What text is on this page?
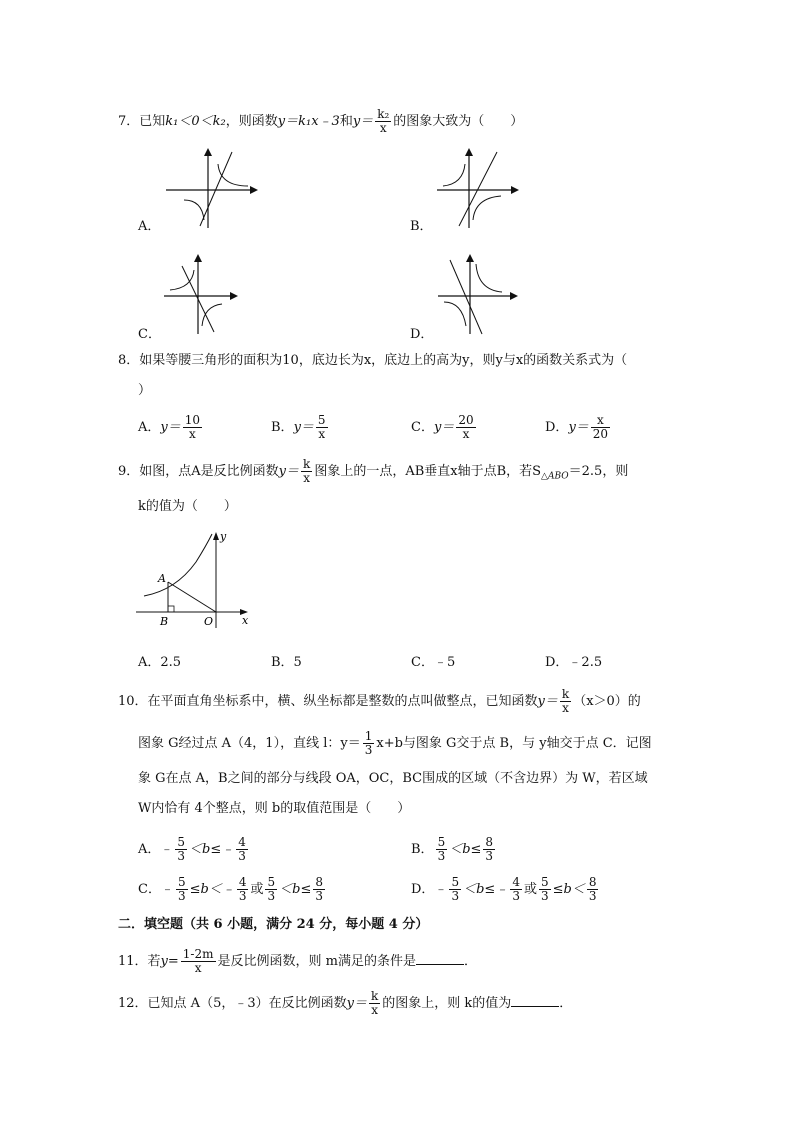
7．已知k₁＜0＜k₂，则函数y＝k₁x﹣3和$y= \frac{\text{k₂}}{x}$ 的图象大致为（　　）
A．	B．
C．	D．
8．如果等腰三角形的面积为10，底边长为x，底边上的高为y，则y与x的函数关系式为（
）
A．$y= \frac{10}{x}$	B．$y= \frac{5}{x}$	C．$y= \frac{20}{x}$	D．$y= \frac{x}{20}$
9．如图，点A是反比例函数$y= \frac{k}{x}$ 图象上的一点，AB垂直x轴于点B，若$S_{\triangle ABO}=2.5$，则
k的值为（　　）
y
x
A
B	O
A．2.5	B．5	C．﹣5	D．﹣2.5
10．在平面直角坐标系中，横、纵坐标都是整数的点叫做整点，已知函数$y= \frac{k}{x} (x>0)$的
图象 G经过点 A（4，1），直线 l：$y= \frac{1}{3} x+b$与图象 G交于点 B，与 y轴交于点 C．记图
象 G在点 A，B之间的部分与线段 OA，OC，BC围成的区域（不含边界）为 W，若区域
W内恰有 4个整点，则 b的取值范围是（　　）
A．﹣ $\frac{5}{3}$ ＜b≤﹣ $\frac{4}{3}$	B． $\frac{5}{3} <b\le \frac{8}{3}$
C．﹣ $\frac{5}{3}$ ≤b＜﹣ $\frac{4}{3}$ 或 $\frac{5}{3} <b\le \frac{8}{3}$	D．﹣ $\frac{5}{3}$ ＜b≤﹣ $\frac{4}{3}$ 或 $\frac{5}{3} \le b< \frac{8}{3}$
二．填空题（共 6 小题，满分 24 分，每小题 4 分）
11．若$y= \frac{1-2m}{x}$ 是反比例函数，则 m满足的条件是	．
12．已知点 A（5，﹣3）在反比例函数$y= \frac{k}{x}$ 的图象上，则 k的值为	．
